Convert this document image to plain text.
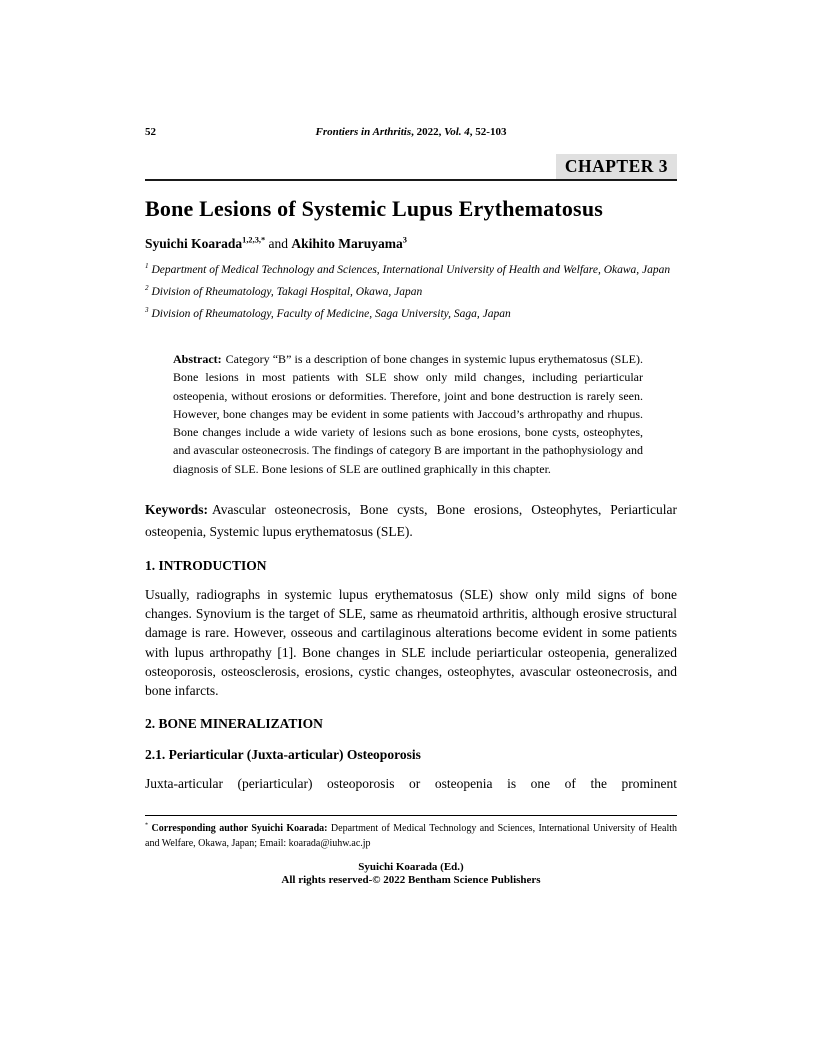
52	Frontiers in Arthritis, 2022, Vol. 4, 52-103
CHAPTER 3
Bone Lesions of Systemic Lupus Erythematosus

Syuichi Koarada$^{1,2,3,*}$ and Akihito Maruyama$^3$

$^1$ Department of Medical Technology and Sciences, International University of Health and Welfare, Okawa, Japan

$^2$ Division of Rheumatology, Takagi Hospital, Okawa, Japan

$^3$ Division of Rheumatology, Faculty of Medicine, Saga University, Saga, Japan

Abstract: Category “B” is a description of bone changes in systemic lupus erythematosus (SLE). Bone lesions in most patients with SLE show only mild changes, including periarticular osteopenia, without erosions or deformities. Therefore, joint and bone destruction is rarely seen. However, bone changes may be evident in some patients with Jaccoud’s arthropathy and rhupus. Bone changes include a wide variety of lesions such as bone erosions, bone cysts, osteophytes, and avascular osteonecrosis. The findings of category B are important in the pathophysiology and diagnosis of SLE. Bone lesions of SLE are outlined graphically in this chapter.

Keywords: Avascular osteonecrosis, Bone cysts, Bone erosions, Osteophytes, Periarticular osteopenia, Systemic lupus erythematosus (SLE).

1. INTRODUCTION

Usually, radiographs in systemic lupus erythematosus (SLE) show only mild signs of bone changes. Synovium is the target of SLE, same as rheumatoid arthritis, although erosive structural damage is rare. However, osseous and cartilaginous alterations become evident in some patients with lupus arthropathy [1]. Bone changes in SLE include periarticular osteopenia, generalized osteoporosis, osteosclerosis, erosions, cystic changes, osteophytes, avascular osteonecrosis, and bone infarcts.

2. BONE MINERALIZATION
2.1. Periarticular (Juxta-articular) Osteoporosis

Juxta-articular (periarticular) osteoporosis or osteopenia is one of the prominent

* Corresponding author Syuichi Koarada: Department of Medical Technology and Sciences, International University of Health and Welfare, Okawa, Japan; Email: koarada@iuhw.ac.jp

Syuichi Koarada (Ed.)
All rights reserved-© 2022 Bentham Science Publishers
